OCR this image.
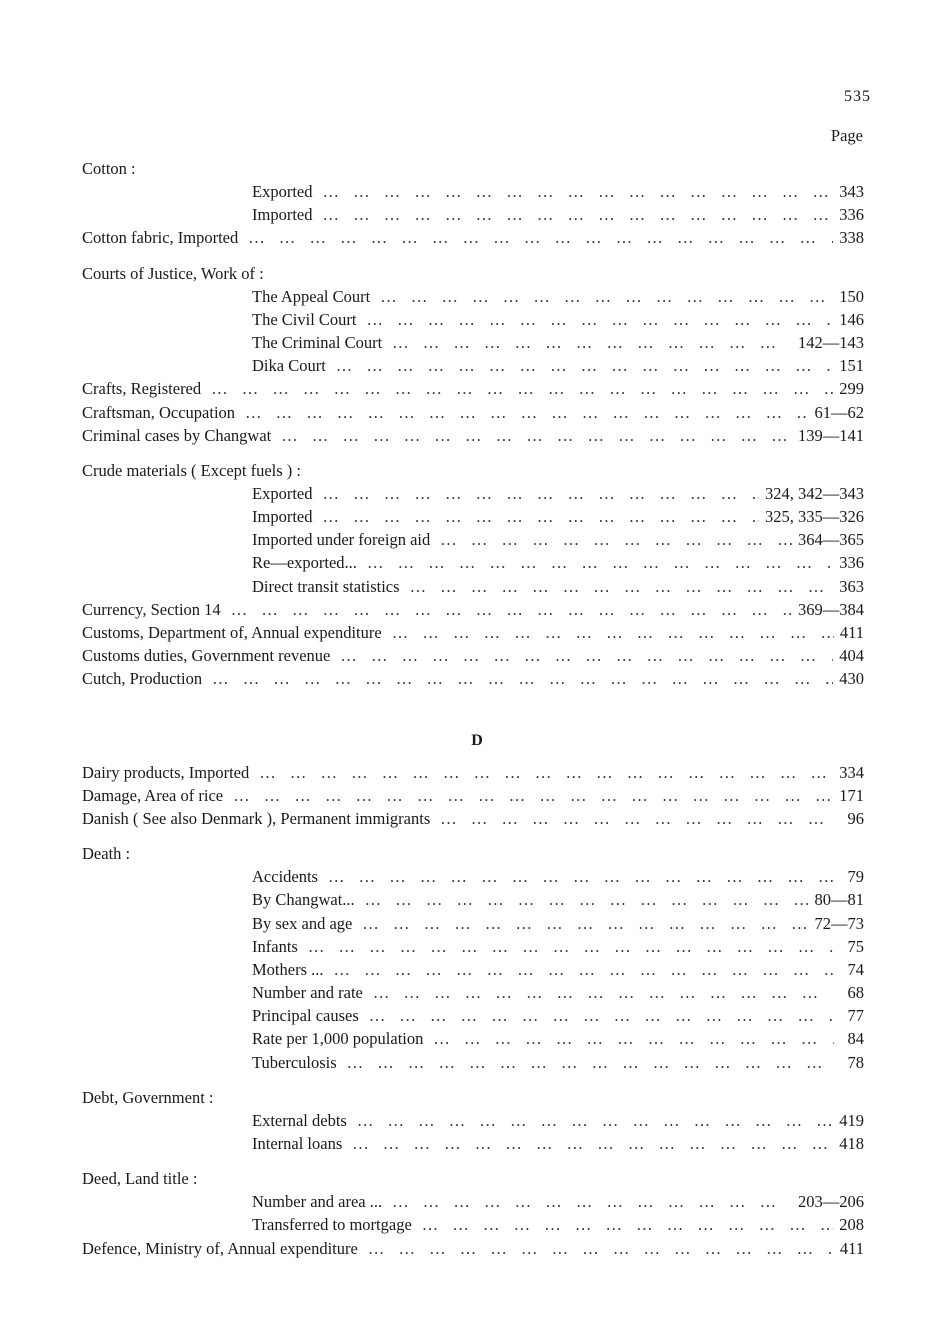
535
Page
Cotton :
Exported … … … … … … … … … … … … … … … … … … … … … … … … … … … … … … … … … … … …	343
Imported … … … … … … … … … … … … … … … … … … … … … … … … … … … … … … … … … … … …	336
Cotton fabric, Imported … … … … … … … … … … … … … … … … … … … … … … … … … … … … … … … … … … … …	338
Courts of Justice, Work of :
The Appeal Court … … … … … … … … … … … … … … … … … … … … … … … … … … … … … … … … … … … …	150
The Civil Court … … … … … … … … … … … … … … … … … … … … … … … … … … … … … … … … … … … …	146
The Criminal Court … … … … … … … … … … … … … … … … … … … … … … … … … … … … … … … … … … … …	142—143
Dika Court … … … … … … … … … … … … … … … … … … … … … … … … … … … … … … … … … … … …	151
Crafts, Registered … … … … … … … … … … … … … … … … … … … … … … … … … … … … … … … … … … … …	299
Craftsman, Occupation … … … … … … … … … … … … … … … … … … … … … … … … … … … … … … … … … … … …	61—62
Criminal cases by Changwat … … … … … … … … … … … … … … … … … … … … … … … … … … … … … … … … … … … …	139—141
Crude materials ( Except fuels ) :
Exported … … … … … … … … … … … … … … … … … … … … … … … … … … … … … … … … … … … …	324, 342—343
Imported … … … … … … … … … … … … … … … … … … … … … … … … … … … … … … … … … … … …	325, 335—326
Imported under foreign aid … … … … … … … … … … … … … … … … … … … … … … … … … … … … … … … … … … … …	364—365
Re—exported... … … … … … … … … … … … … … … … … … … … … … … … … … … … … … … … … … … … …	336
Direct transit statistics … … … … … … … … … … … … … … … … … … … … … … … … … … … … … … … … … … … …	363
Currency, Section 14 … … … … … … … … … … … … … … … … … … … … … … … … … … … … … … … … … … … …	369—384
Customs, Department of, Annual expenditure … … … … … … … … … … … … … … … … … … … … … … … … … … … … … … … … … … … …	411
Customs duties, Government revenue … … … … … … … … … … … … … … … … … … … … … … … … … … … … … … … … … … … …	404
Cutch, Production … … … … … … … … … … … … … … … … … … … … … … … … … … … … … … … … … … … …	430
D
Dairy products, Imported … … … … … … … … … … … … … … … … … … … … … … … … … … … … … … … … … … … …	334
Damage, Area of rice … … … … … … … … … … … … … … … … … … … … … … … … … … … … … … … … … … … …	171
Danish ( See also Denmark ), Permanent immigrants … … … … … … … … … … … … … … … … … … … … … … … … … … … … … … … … … … … …	96
Death :
Accidents … … … … … … … … … … … … … … … … … … … … … … … … … … … … … … … … … … … …	79
By Changwat... … … … … … … … … … … … … … … … … … … … … … … … … … … … … … … … … … … … …	80—81
By sex and age … … … … … … … … … … … … … … … … … … … … … … … … … … … … … … … … … … … …	72—73
Infants … … … … … … … … … … … … … … … … … … … … … … … … … … … … … … … … … … … …	75
Mothers ... … … … … … … … … … … … … … … … … … … … … … … … … … … … … … … … … … … … …	74
Number and rate … … … … … … … … … … … … … … … … … … … … … … … … … … … … … … … … … … … …	68
Principal causes … … … … … … … … … … … … … … … … … … … … … … … … … … … … … … … … … … … …	77
Rate per 1,000 population … … … … … … … … … … … … … … … … … … … … … … … … … … … … … … … … … … … …	84
Tuberculosis … … … … … … … … … … … … … … … … … … … … … … … … … … … … … … … … … … … …	78
Debt, Government :
External debts … … … … … … … … … … … … … … … … … … … … … … … … … … … … … … … … … … … …	419
Internal loans … … … … … … … … … … … … … … … … … … … … … … … … … … … … … … … … … … … …	418
Deed, Land title :
Number and area ... … … … … … … … … … … … … … … … … … … … … … … … … … … … … … … … … … … … …	203—206
Transferred to mortgage … … … … … … … … … … … … … … … … … … … … … … … … … … … … … … … … … … … …	208
Defence, Ministry of, Annual expenditure … … … … … … … … … … … … … … … … … … … … … … … … … … … … … … … … … … … …	411
